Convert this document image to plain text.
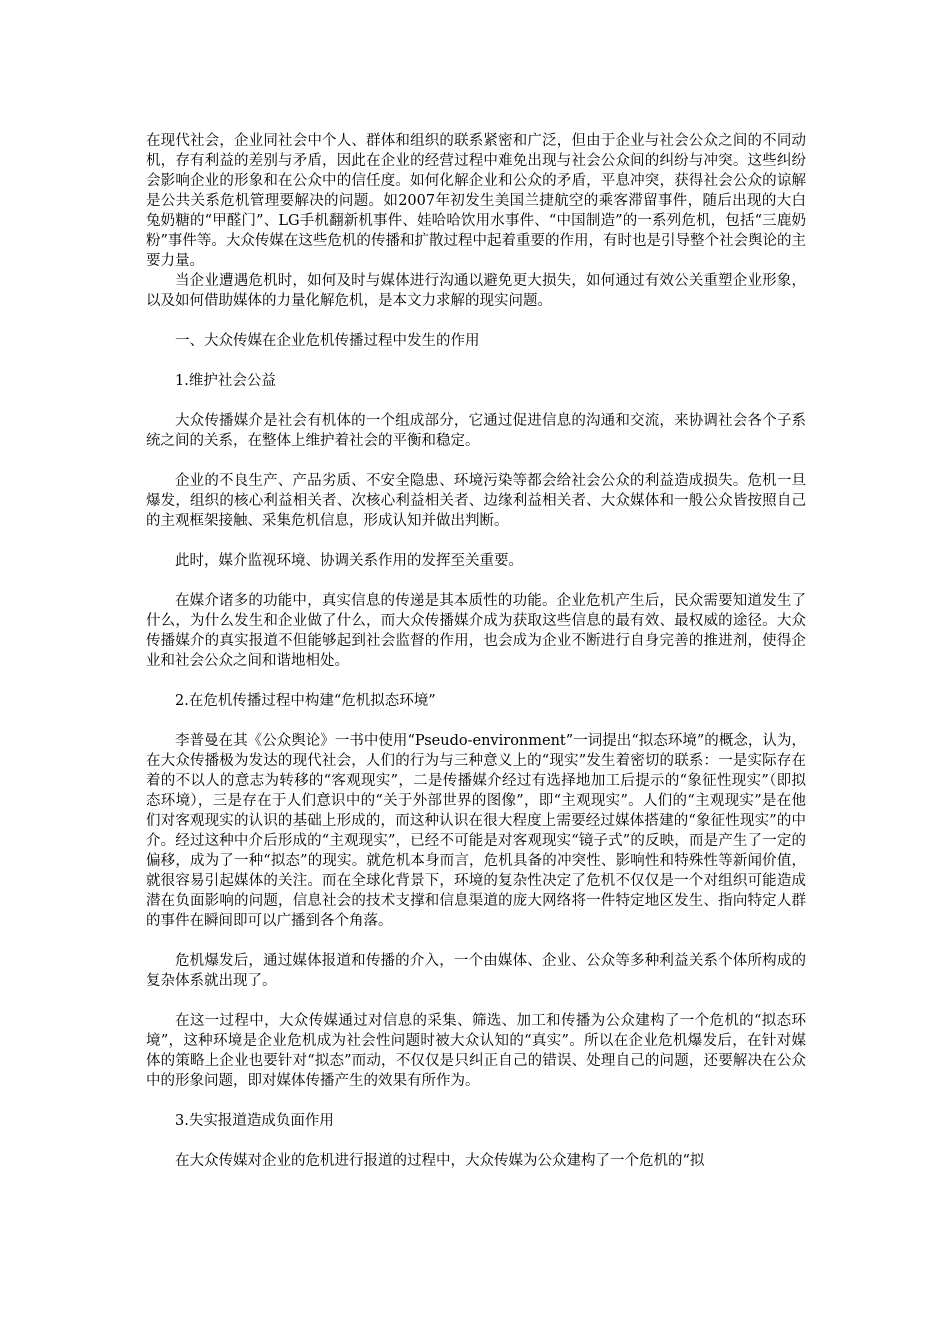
在现代社会，企业同社会中个人、群体和组织的联系紧密和广泛，但由于企业与社会公众之间的不同动机，存有利益的差别与矛盾，因此在企业的经营过程中难免出现与社会公众间的纠纷与冲突。这些纠纷会影响企业的形象和在公众中的信任度。如何化解企业和公众的矛盾，平息冲突，获得社会公众的谅解是公共关系危机管理要解决的问题。如2007年初发生美国兰捷航空的乘客滞留事件，随后出现的大白兔奶糖的“甲醛门”、LG手机翻新机事件、娃哈哈饮用水事件、“中国制造”的一系列危机，包括“三鹿奶粉”事件等。大众传媒在这些危机的传播和扩散过程中起着重要的作用，有时也是引导整个社会舆论的主要力量。

当企业遭遇危机时，如何及时与媒体进行沟通以避免更大损失，如何通过有效公关重塑企业形象，以及如何借助媒体的力量化解危机，是本文力求解的现实问题。

一、大众传媒在企业危机传播过程中发生的作用

1.维护社会公益

大众传播媒介是社会有机体的一个组成部分，它通过促进信息的沟通和交流，来协调社会各个子系统之间的关系，在整体上维护着社会的平衡和稳定。

企业的不良生产、产品劣质、不安全隐患、环境污染等都会给社会公众的利益造成损失。危机一旦爆发，组织的核心利益相关者、次核心利益相关者、边缘利益相关者、大众媒体和一般公众皆按照自己的主观框架接触、采集危机信息，形成认知并做出判断。

此时，媒介监视环境、协调关系作用的发挥至关重要。

在媒介诸多的功能中，真实信息的传递是其本质性的功能。企业危机产生后，民众需要知道发生了什么，为什么发生和企业做了什么，而大众传播媒介成为获取这些信息的最有效、最权威的途径。大众传播媒介的真实报道不但能够起到社会监督的作用，也会成为企业不断进行自身完善的推进剂，使得企业和社会公众之间和谐地相处。

2.在危机传播过程中构建“危机拟态环境”

李普曼在其《公众舆论》一书中使用“Pseudo-environment”一词提出“拟态环境”的概念，认为，在大众传播极为发达的现代社会，人们的行为与三种意义上的“现实”发生着密切的联系：一是实际存在着的不以人的意志为转移的“客观现实”，二是传播媒介经过有选择地加工后提示的“象征性现实”（即拟态环境），三是存在于人们意识中的“关于外部世界的图像”，即“主观现实”。人们的“主观现实”是在他们对客观现实的认识的基础上形成的，而这种认识在很大程度上需要经过媒体搭建的“象征性现实”的中介。经过这种中介后形成的“主观现实”，已经不可能是对客观现实“镜子式”的反映，而是产生了一定的偏移，成为了一种“拟态”的现实。就危机本身而言，危机具备的冲突性、影响性和特殊性等新闻价值，就很容易引起媒体的关注。而在全球化背景下，环境的复杂性决定了危机不仅仅是一个对组织可能造成潜在负面影响的问题，信息社会的技术支撑和信息渠道的庞大网络将一件特定地区发生、指向特定人群的事件在瞬间即可以广播到各个角落。

危机爆发后，通过媒体报道和传播的介入，一个由媒体、企业、公众等多种利益关系个体所构成的复杂体系就出现了。

在这一过程中，大众传媒通过对信息的采集、筛选、加工和传播为公众建构了一个危机的“拟态环境”，这种环境是企业危机成为社会性问题时被大众认知的“真实”。所以在企业危机爆发后，在针对媒体的策略上企业也要针对“拟态”而动，不仅仅是只纠正自己的错误、处理自己的问题，还要解决在公众中的形象问题，即对媒体传播产生的效果有所作为。

3.失实报道造成负面作用

在大众传媒对企业的危机进行报道的过程中，大众传媒为公众建构了一个危机的“拟
